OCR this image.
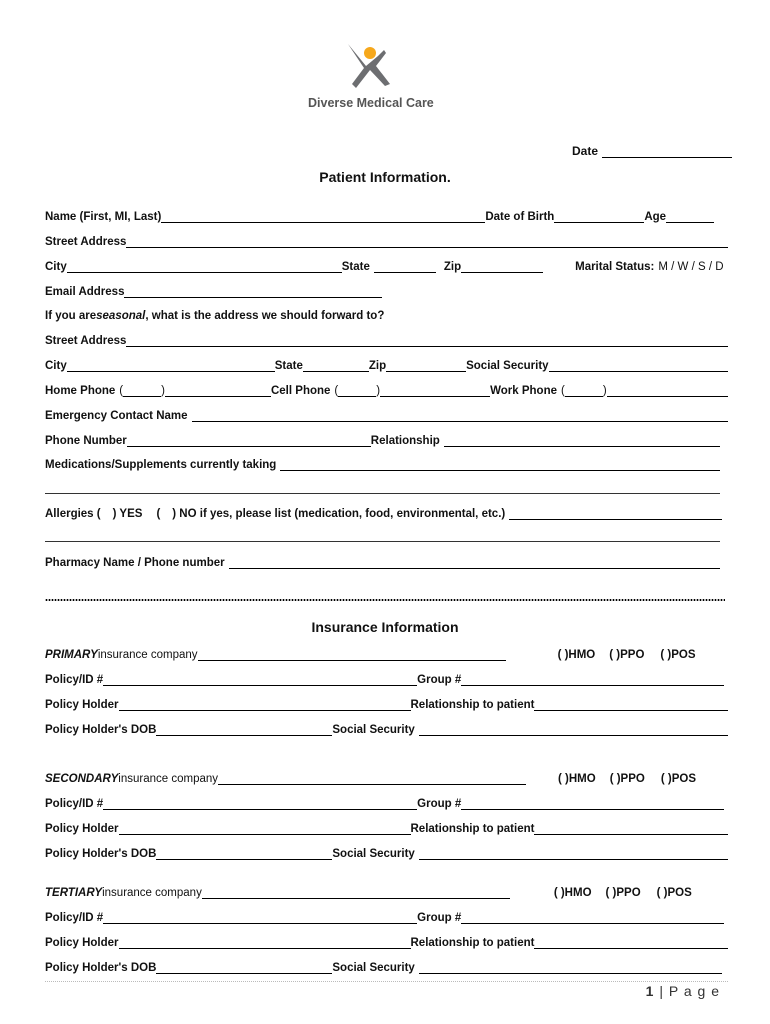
Diverse Medical Care
Date
Patient Information.
Name (First, MI, Last)	Date of Birth	Age
Street Address
City	State	Zip	Marital Status: M / W / S / D
Email Address
If you are seasonal , what is the address we should forward to?
Street Address
City	State	Zip	Social Security
Home Phone (	)	Cell Phone (	)	Work Phone (	)
Emergency Contact Name
Phone Number	Relationship
Medications/Supplements currently taking
Allergies ( ) YES ( ) NO if yes, please list (medication, food, environmental, etc.)
Pharmacy Name / Phone number
Insurance Information
PRIMARY insurance company	( )HMO ( )PPO ( )POS
Policy/ID #	Group #
Policy Holder	Relationship to patient
Policy Holder's DOB	Social Security
SECONDARY insurance company	( )HMO ( )PPO ( )POS
Policy/ID #	Group #
Policy Holder	Relationship to patient
Policy Holder's DOB	Social Security
TERTIARY insurance company	( )HMO ( )PPO ( )POS
Policy/ID #	Group #
Policy Holder	Relationship to patient
Policy Holder's DOB	Social Security
1 | P a g e
